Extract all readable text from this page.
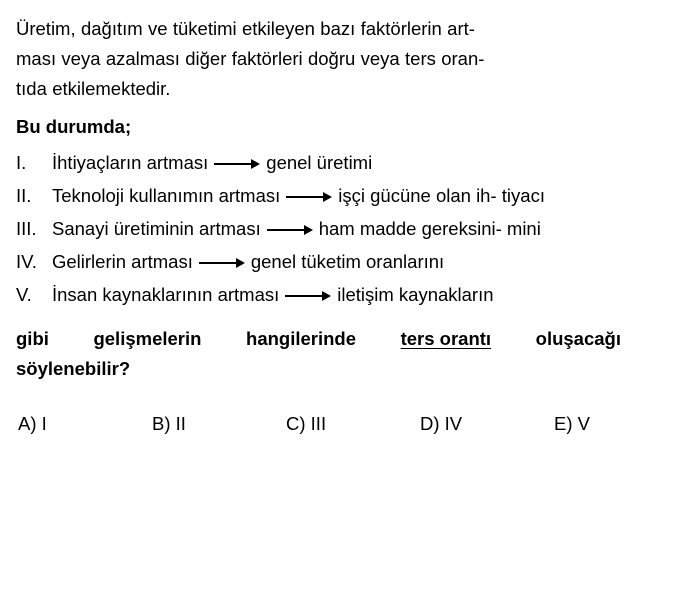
Üretim, dağıtım ve tüketimi etkileyen bazı faktörlerin art-
ması veya azalması diğer faktörleri doğru veya ters oran-
tıda etkilemektedir.
Bu durumda;
I.	İhtiyaçların artması	genel üretimi
II.	Teknoloji kullanımın artması	işçi gücüne olan ih- tiyacı
III. Sanayi üretiminin artması	ham madde gereksini- mini
IV. Gelirlerin artması	genel tüketim oranlarını
V.	İnsan kaynaklarının artması	iletişim kaynakların
gibi gelişmelerin hangilerinde ters orantı oluşacağı
söylenebilir?
A) I	B) II	C) III	D) IV	E) V
